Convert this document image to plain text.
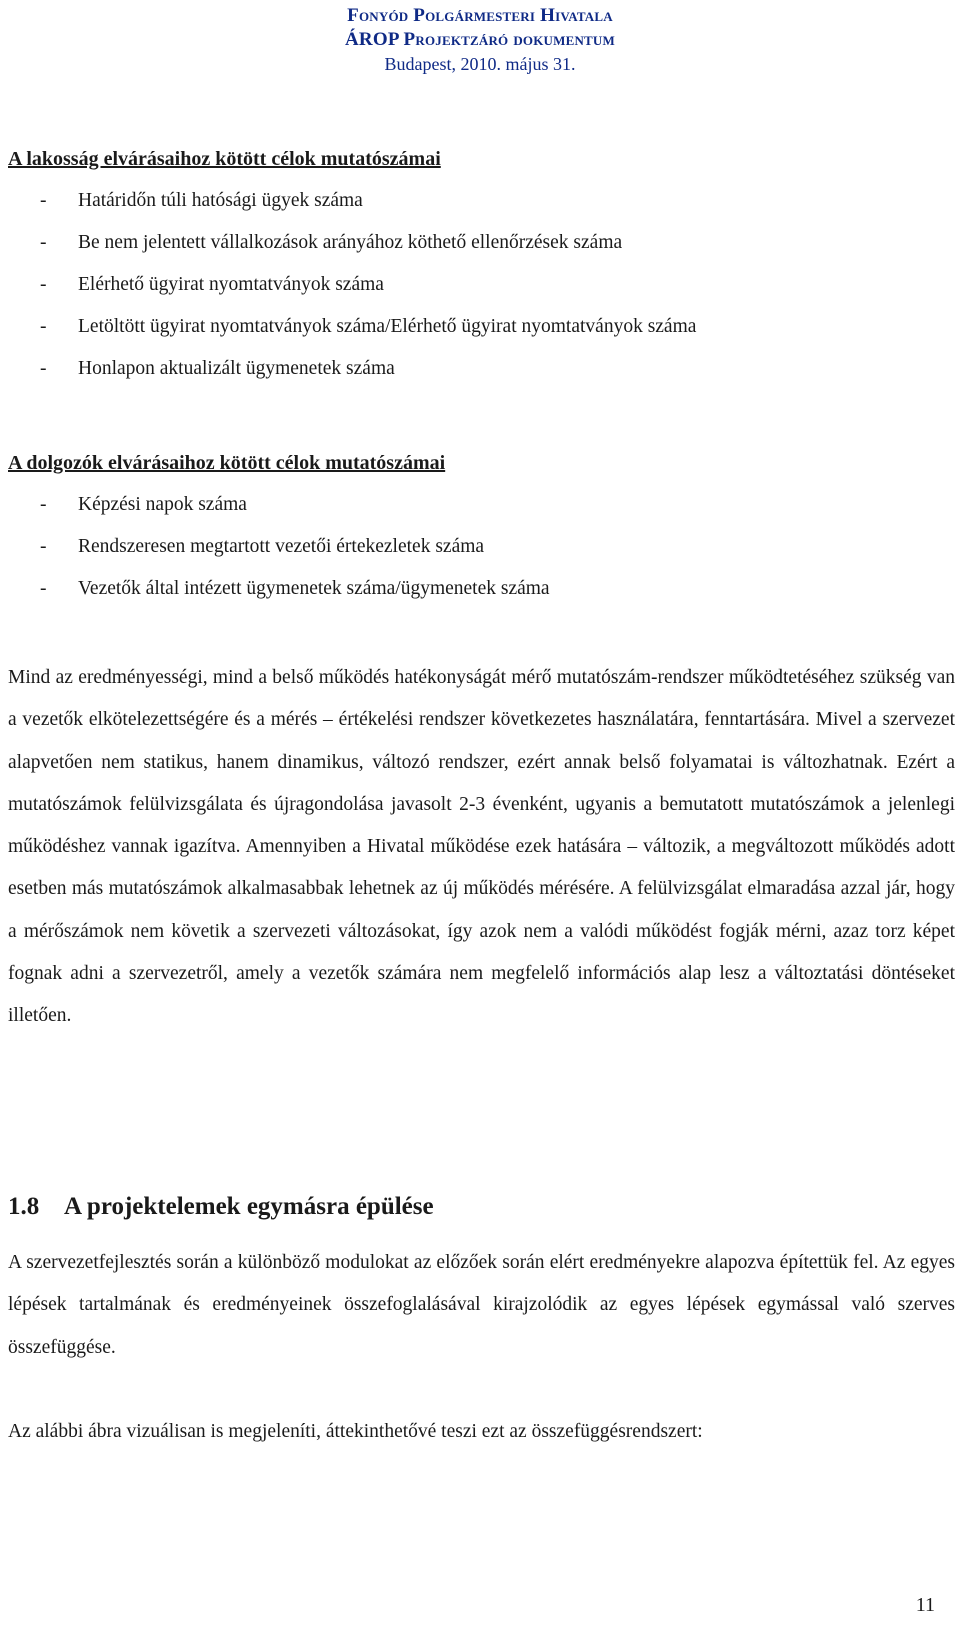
Fonyód Polgármesteri Hivatala
ÁROP Projektzáró dokumentum
Budapest, 2010. május 31.

A lakosság elvárásaihoz kötött célok mutatószámai

- Határidőn túli hatósági ügyek száma
- Be nem jelentett vállalkozások arányához köthető ellenőrzések száma
- Elérhető ügyirat nyomtatványok száma
- Letöltött ügyirat nyomtatványok száma/Elérhető ügyirat nyomtatványok száma
- Honlapon aktualizált ügymenetek száma

A dolgozók elvárásaihoz kötött célok mutatószámai

- Képzési napok száma
- Rendszeresen megtartott vezetői értekezletek száma
- Vezetők által intézett ügymenetek száma/ügymenetek száma

Mind az eredményességi, mind a belső működés hatékonyságát mérő mutatószám-rendszer működtetéséhez szükség van a vezetők elkötelezettségére és a mérés – értékelési rendszer következetes használatára, fenntartására. Mivel a szervezet alapvetően nem statikus, hanem dinamikus, változó rendszer, ezért annak belső folyamatai is változhatnak. Ezért a mutatószámok felülvizsgálata és újragondolása javasolt 2-3 évenként, ugyanis a bemutatott mutatószámok a jelenlegi működéshez vannak igazítva. Amennyiben a Hivatal működése ezek hatására – változik, a megváltozott működés adott esetben más mutatószámok alkalmasabbak lehetnek az új működés mérésére. A felülvizsgálat elmaradása azzal jár, hogy a mérőszámok nem követik a szervezeti változásokat, így azok nem a valódi működést fogják mérni, azaz torz képet fognak adni a szervezetről, amely a vezetők számára nem megfelelő információs alap lesz a változtatási döntéseket illetően.

1.8 A projektelemek egymásra épülése

A szervezetfejlesztés során a különböző modulokat az előzőek során elért eredményekre alapozva építettük fel. Az egyes lépések tartalmának és eredményeinek összefoglalásával kirajzolódik az egyes lépések egymással való szerves összefüggése.

Az alábbi ábra vizuálisan is megjeleníti, áttekinthetővé teszi ezt az összefüggésrendszert:

11
